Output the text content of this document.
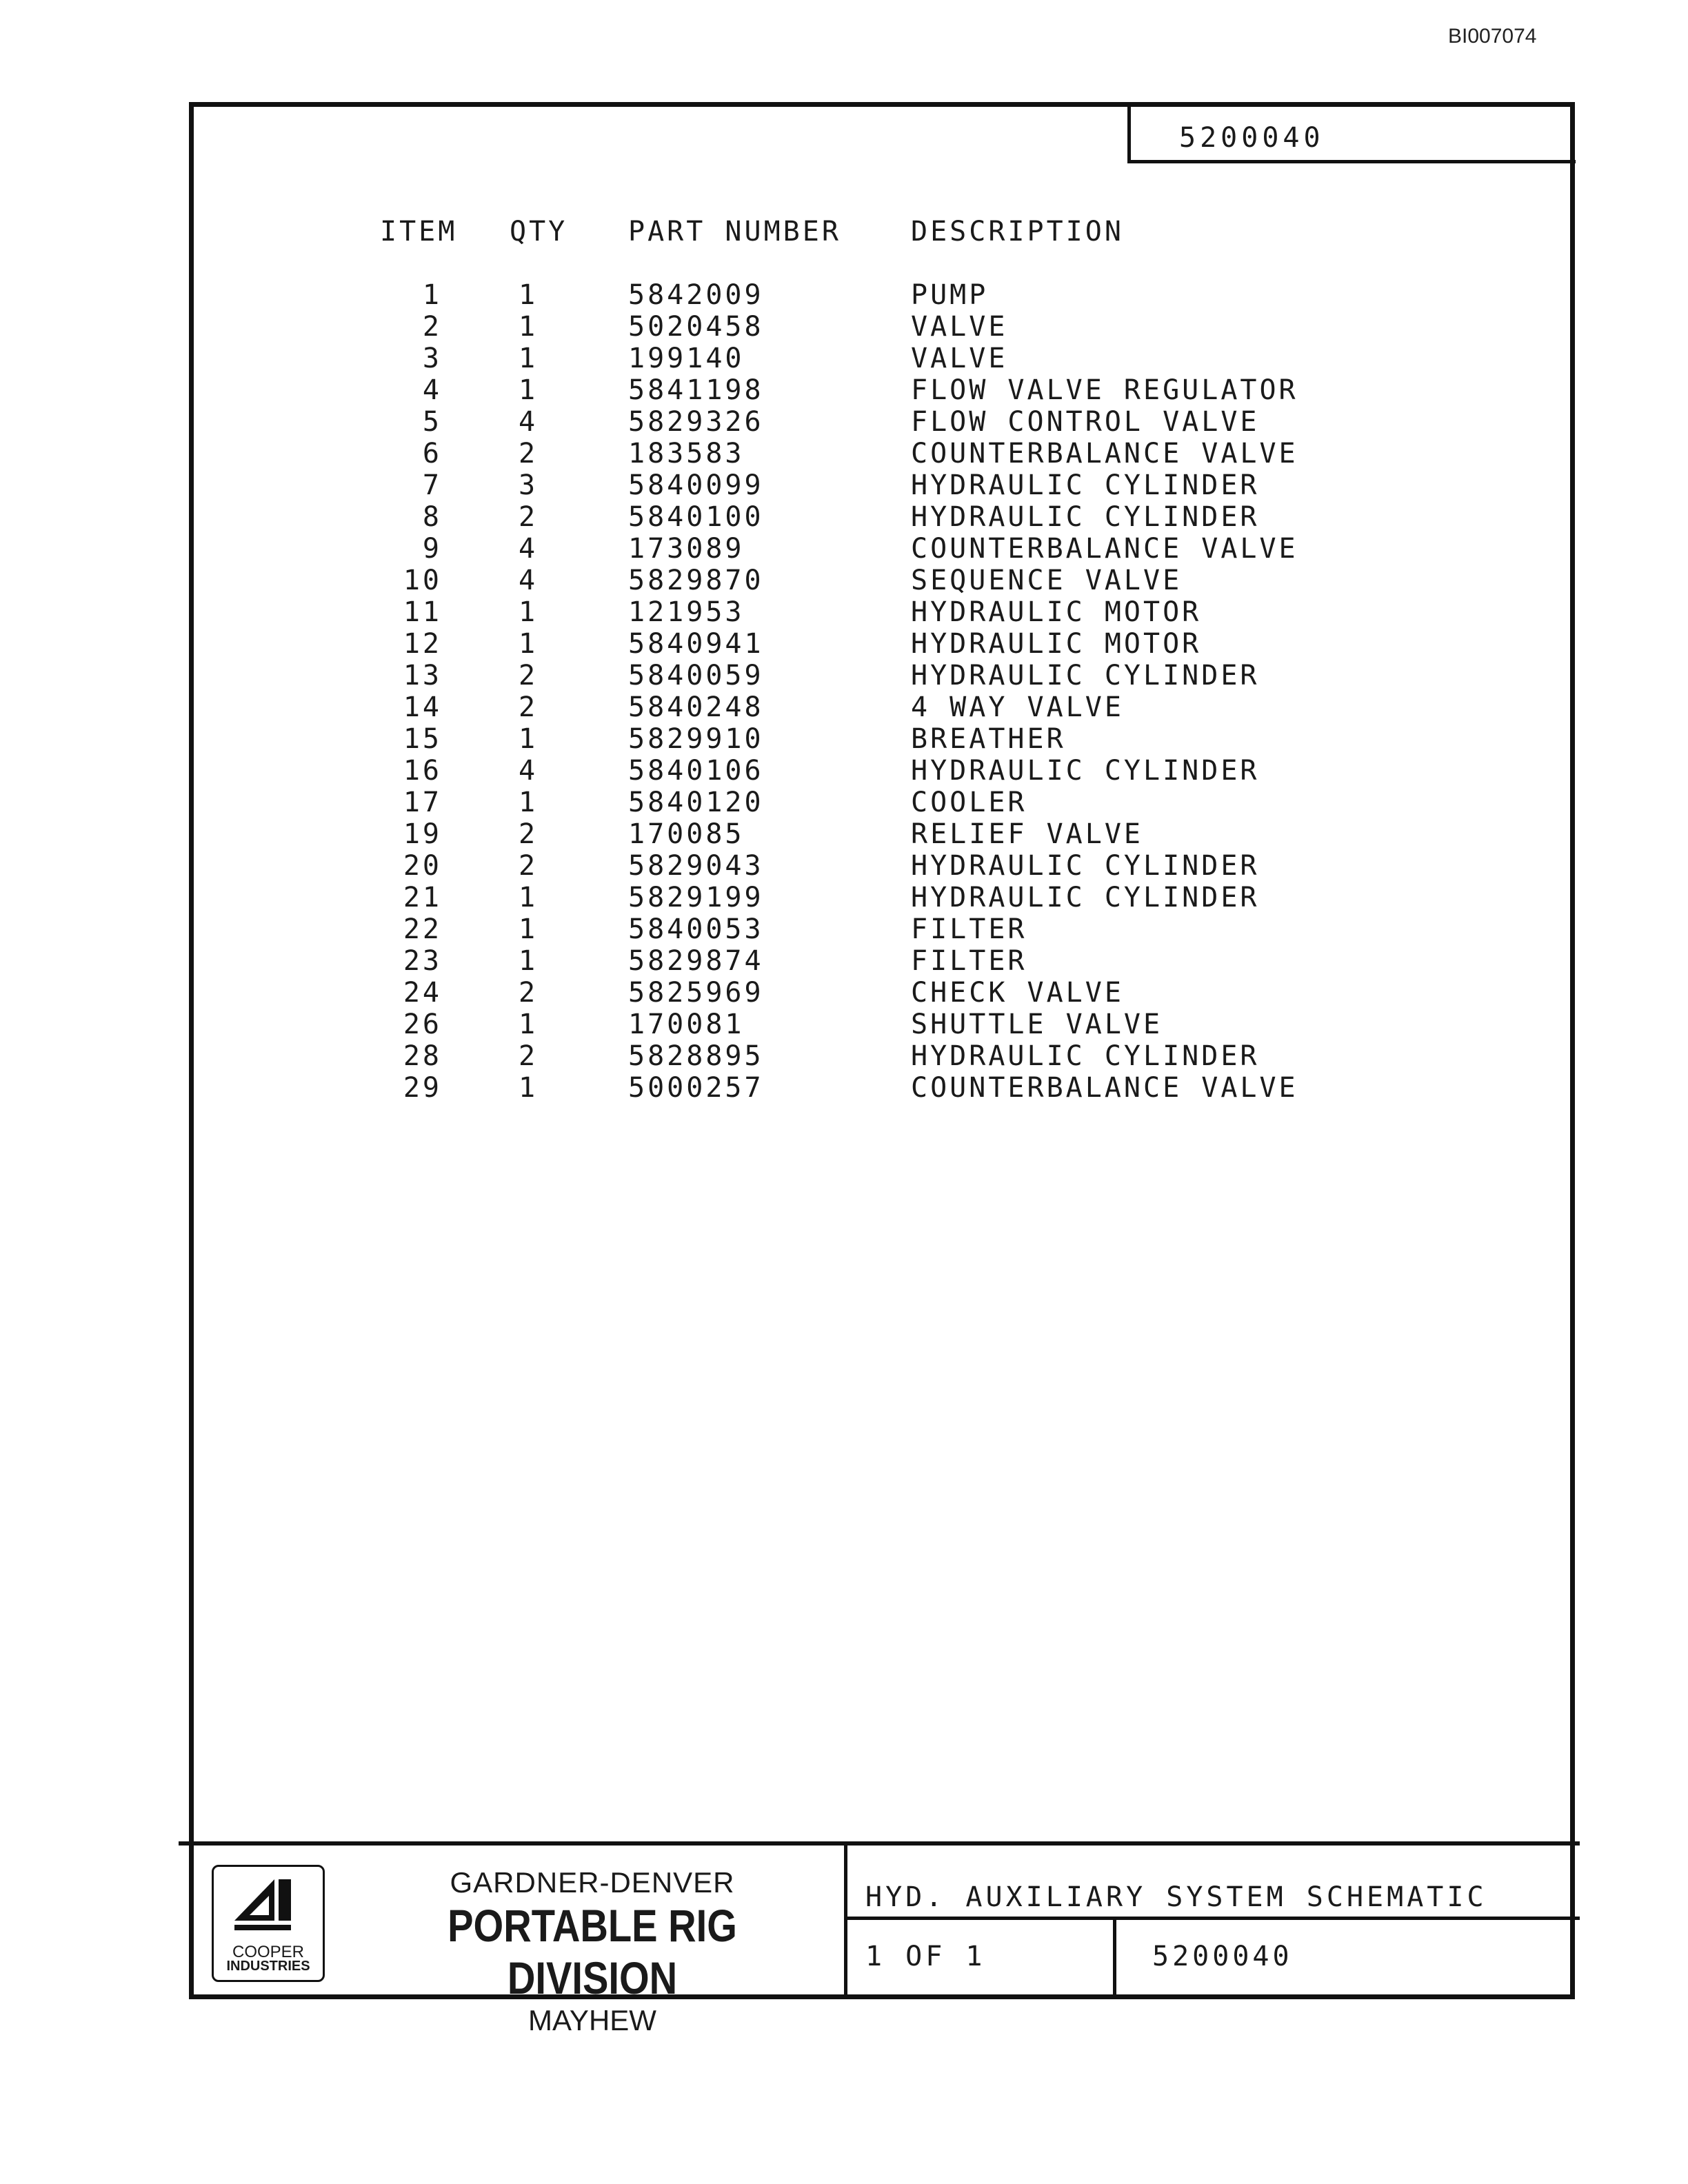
BI007074
5200040
ITEM	QTY	PART NUMBER	DESCRIPTION
1	1	5842009	PUMP
2	1	5020458	VALVE
3	1	199140	VALVE
4	1	5841198	FLOW VALVE REGULATOR
5	4	5829326	FLOW CONTROL VALVE
6	2	183583	COUNTERBALANCE VALVE
7	3	5840099	HYDRAULIC CYLINDER
8	2	5840100	HYDRAULIC CYLINDER
9	4	173089	COUNTERBALANCE VALVE
10	4	5829870	SEQUENCE VALVE
11	1	121953	HYDRAULIC MOTOR
12	1	5840941	HYDRAULIC MOTOR
13	2	5840059	HYDRAULIC CYLINDER
14	2	5840248	4 WAY VALVE
15	1	5829910	BREATHER
16	4	5840106	HYDRAULIC CYLINDER
17	1	5840120	COOLER
19	2	170085	RELIEF VALVE
20	2	5829043	HYDRAULIC CYLINDER
21	1	5829199	HYDRAULIC CYLINDER
22	1	5840053	FILTER
23	1	5829874	FILTER
24	2	5825969	CHECK VALVE
26	1	170081	SHUTTLE VALVE
28	2	5828895	HYDRAULIC CYLINDER
29	1	5000257	COUNTERBALANCE VALVE
COOPER
INDUSTRIES
GARDNER-DENVER
PORTABLE RIG DIVISION
MAYHEW
HYD. AUXILIARY SYSTEM SCHEMATIC
1 OF 1	5200040
